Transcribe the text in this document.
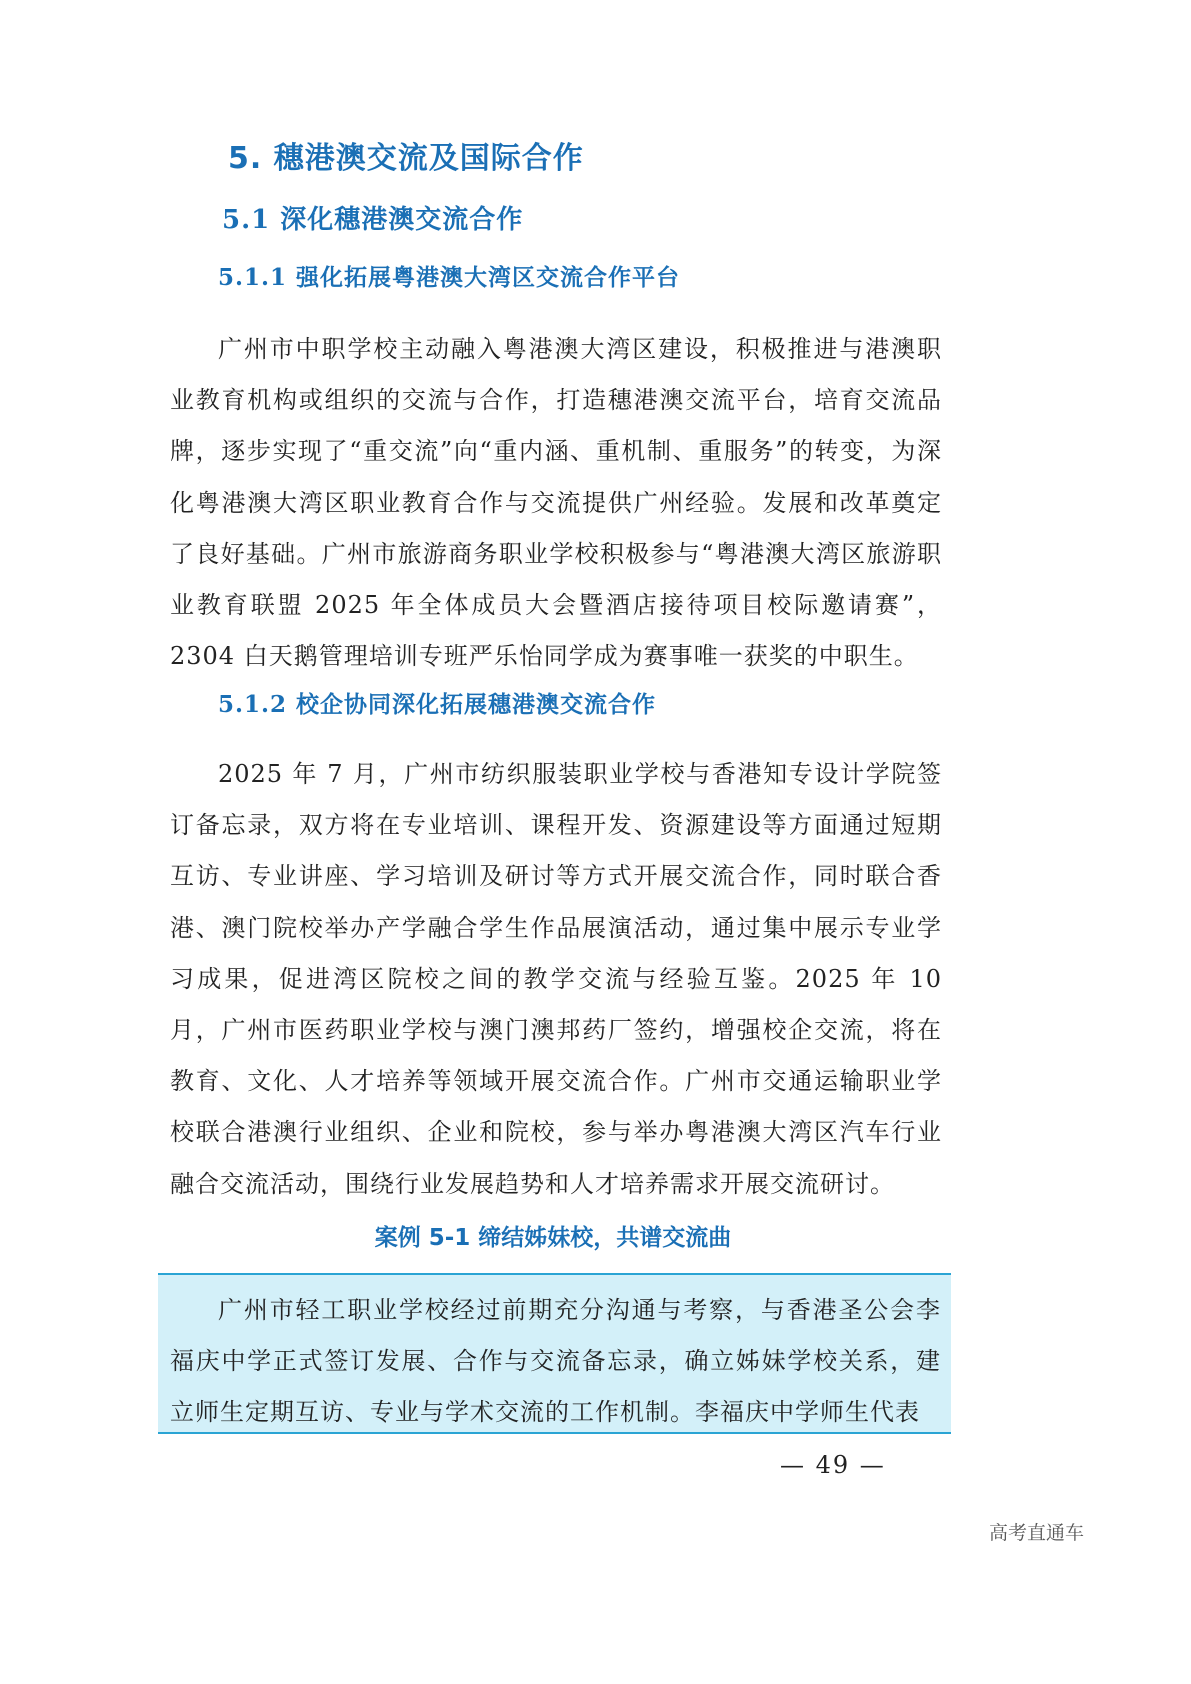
5. 穗港澳交流及国际合作
5.1 深化穗港澳交流合作
5.1.1 强化拓展粤港澳大湾区交流合作平台

广州市中职学校主动融入粤港澳大湾区建设，积极推进与港澳职业教育机构或组织的交流与合作，打造穗港澳交流平台，培育交流品牌，逐步实现了“重交流”向“重内涵、重机制、重服务”的转变，为深化粤港澳大湾区职业教育合作与交流提供广州经验。发展和改革奠定了良好基础。广州市旅游商务职业学校积极参与“粤港澳大湾区旅游职业教育联盟 2025 年全体成员大会暨酒店接待项目校际邀请赛”，2304 白天鹅管理培训专班严乐怡同学成为赛事唯一获奖的中职生。

5.1.2 校企协同深化拓展穗港澳交流合作

2025 年 7 月，广州市纺织服装职业学校与香港知专设计学院签订备忘录，双方将在专业培训、课程开发、资源建设等方面通过短期互访、专业讲座、学习培训及研讨等方式开展交流合作，同时联合香港、澳门院校举办产学融合学生作品展演活动，通过集中展示专业学习成果，促进湾区院校之间的教学交流与经验互鉴。2025 年 10 月，广州市医药职业学校与澳门澳邦药厂签约，增强校企交流，将在教育、文化、人才培养等领域开展交流合作。广州市交通运输职业学校联合港澳行业组织、企业和院校，参与举办粤港澳大湾区汽车行业融合交流活动，围绕行业发展趋势和人才培养需求开展交流研讨。

案例 5-1 缔结姊妹校，共谱交流曲

广州市轻工职业学校经过前期充分沟通与考察，与香港圣公会李福庆中学正式签订发展、合作与交流备忘录，确立姊妹学校关系，建立师生定期互访、专业与学术交流的工作机制。李福庆中学师生代表

— 49 —

高考直通车
